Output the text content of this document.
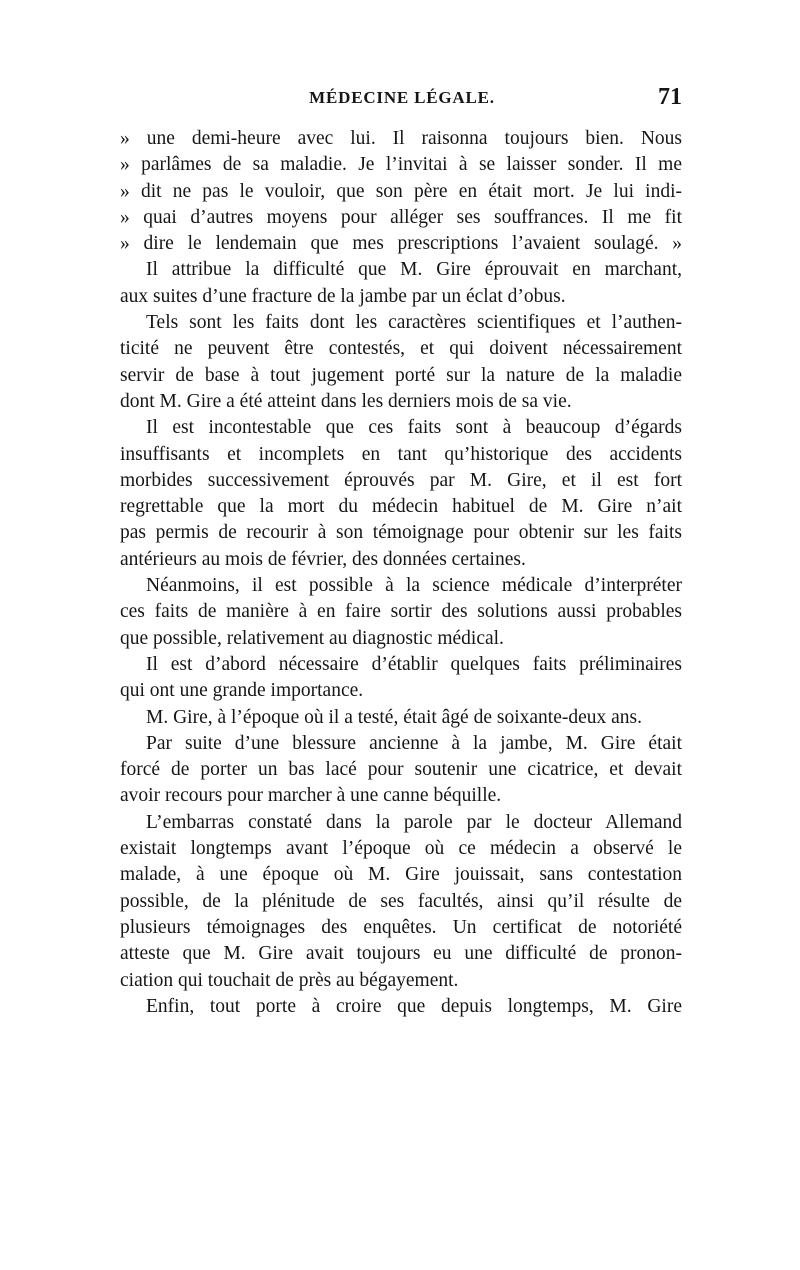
MÉDECINE LÉGALE.	71
» une demi-heure avec lui. Il raisonna toujours bien. Nous
» parlâmes de sa maladie. Je l’invitai à se laisser sonder. Il me
» dit ne pas le vouloir, que son père en était mort. Je lui indi-
» quai d’autres moyens pour alléger ses souffrances. Il me fit
» dire le lendemain que mes prescriptions l’avaient soulagé. »
Il attribue la difficulté que M. Gire éprouvait en marchant,
aux suites d’une fracture de la jambe par un éclat d’obus.
Tels sont les faits dont les caractères scientifiques et l’authen-
ticité ne peuvent être contestés, et qui doivent nécessairement
servir de base à tout jugement porté sur la nature de la maladie
dont M. Gire a été atteint dans les derniers mois de sa vie.
Il est incontestable que ces faits sont à beaucoup d’égards
insuffisants et incomplets en tant qu’historique des accidents
morbides successivement éprouvés par M. Gire, et il est fort
regrettable que la mort du médecin habituel de M. Gire n’ait
pas permis de recourir à son témoignage pour obtenir sur les faits
antérieurs au mois de février, des données certaines.
Néanmoins, il est possible à la science médicale d’interpréter
ces faits de manière à en faire sortir des solutions aussi probables
que possible, relativement au diagnostic médical.
Il est d’abord nécessaire d’établir quelques faits préliminaires
qui ont une grande importance.
M. Gire, à l’époque où il a testé, était âgé de soixante-deux ans.
Par suite d’une blessure ancienne à la jambe, M. Gire était
forcé de porter un bas lacé pour soutenir une cicatrice, et devait
avoir recours pour marcher à une canne béquille.
L’embarras constaté dans la parole par le docteur Allemand
existait longtemps avant l’époque où ce médecin a observé le
malade, à une époque où M. Gire jouissait, sans contestation
possible, de la plénitude de ses facultés, ainsi qu’il résulte de
plusieurs témoignages des enquêtes. Un certificat de notoriété
atteste que M. Gire avait toujours eu une difficulté de pronon-
ciation qui touchait de près au bégayement.
Enfin, tout porte à croire que depuis longtemps, M. Gire
